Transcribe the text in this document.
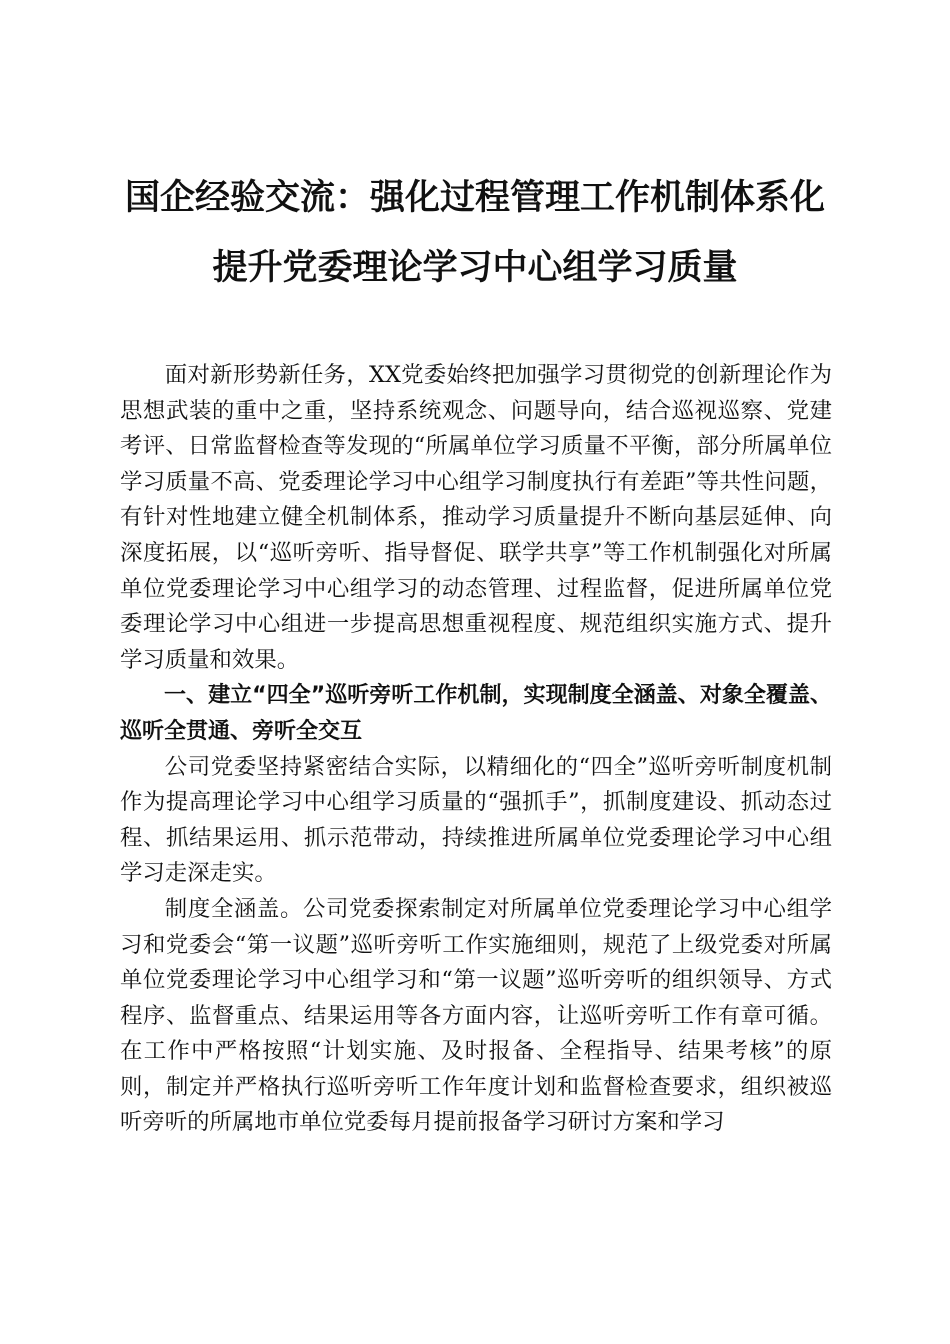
国企经验交流：强化过程管理工作机制体系化
提升党委理论学习中心组学习质量

面对新形势新任务，XX党委始终把加强学习贯彻党的创新理论作为思想武装的重中之重，坚持系统观念、问题导向，结合巡视巡察、党建考评、日常监督检查等发现的“所属单位学习质量不平衡，部分所属单位学习质量不高、党委理论学习中心组学习制度执行有差距”等共性问题，有针对性地建立健全机制体系，推动学习质量提升不断向基层延伸、向深度拓展，以“巡听旁听、指导督促、联学共享”等工作机制强化对所属单位党委理论学习中心组学习的动态管理、过程监督，促进所属单位党委理论学习中心组进一步提高思想重视程度、规范组织实施方式、提升学习质量和效果。

一、建立“四全”巡听旁听工作机制，实现制度全涵盖、对象全覆盖、巡听全贯通、旁听全交互

公司党委坚持紧密结合实际，以精细化的“四全”巡听旁听制度机制作为提高理论学习中心组学习质量的“强抓手”，抓制度建设、抓动态过程、抓结果运用、抓示范带动，持续推进所属单位党委理论学习中心组学习走深走实。

制度全涵盖。公司党委探索制定对所属单位党委理论学习中心组学习和党委会“第一议题”巡听旁听工作实施细则，规范了上级党委对所属单位党委理论学习中心组学习和“第一议题”巡听旁听的组织领导、方式程序、监督重点、结果运用等各方面内容，让巡听旁听工作有章可循。在工作中严格按照“计划实施、及时报备、全程指导、结果考核”的原则，制定并严格执行巡听旁听工作年度计划和监督检查要求，组织被巡听旁听的所属地市单位党委每月提前报备学习研讨方案和学习
